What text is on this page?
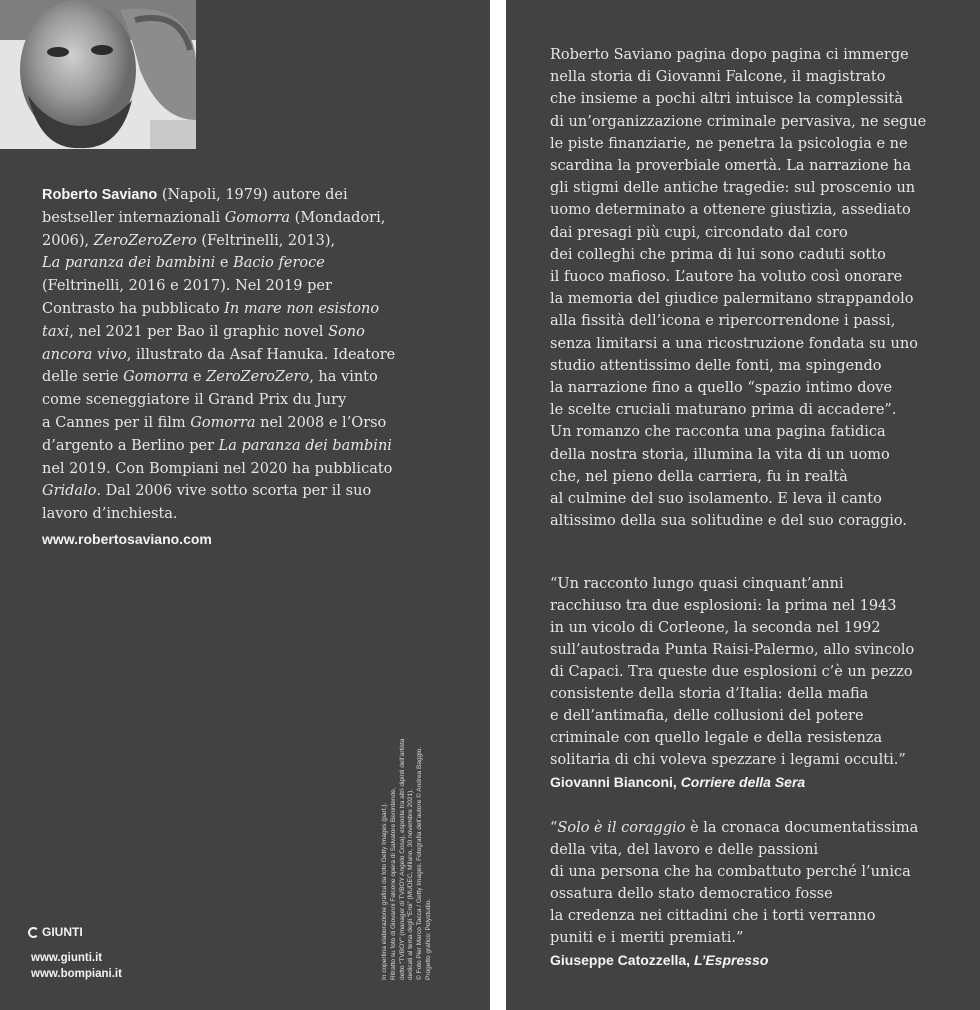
Roberto Saviano (Napoli, 1979) autore dei
bestseller internazionali Gomorra (Mondadori,
2006), ZeroZeroZero (Feltrinelli, 2013),
La paranza dei bambini e Bacio feroce
(Feltrinelli, 2016 e 2017). Nel 2019 per
Contrasto ha pubblicato In mare non esistono
taxi, nel 2021 per Bao il graphic novel Sono
ancora vivo, illustrato da Asaf Hanuka. Ideatore
delle serie Gomorra e ZeroZeroZero, ha vinto
come sceneggiatore il Grand Prix du Jury
a Cannes per il film Gomorra nel 2008 e l’Orso
d’argento a Berlino per La paranza dei bambini
nel 2019. Con Bompiani nel 2020 ha pubblicato
Gridalo. Dal 2006 vive sotto scorta per il suo
lavoro d’inchiesta.
www.robertosaviano.com
In copertina elaborazione grafica da foto Getty Images (part.). Ritratto su foto di Giovanni Falcone opera di Salvatore Benintende, detto “TVBOY” (manager di TVBOY Angelo Cosa), esposta tra altri dipinti dell’artista dedicati al tema degli “Eroi” (MUDEC, Milano, 30 novembre 2021). © Foto Pier Marco Tacca / Getty Images. Fotografia dell’autore © Andrea Baggio. Progetto grafico: Polystudio.
GIUNTI
www.giunti.it
www.bompiani.it
Roberto Saviano pagina dopo pagina ci immerge
nella storia di Giovanni Falcone, il magistrato
che insieme a pochi altri intuisce la complessità
di un’organizzazione criminale pervasiva, ne segue
le piste finanziarie, ne penetra la psicologia e ne
scardina la proverbiale omertà. La narrazione ha
gli stigmi delle antiche tragedie: sul proscenio un
uomo determinato a ottenere giustizia, assediato
dai presagi più cupi, circondato dal coro
dei colleghi che prima di lui sono caduti sotto
il fuoco mafioso. L’autore ha voluto così onorare
la memoria del giudice palermitano strappandolo
alla fissità dell’icona e ripercorrendone i passi,
senza limitarsi a una ricostruzione fondata su uno
studio attentissimo delle fonti, ma spingendo
la narrazione fino a quello “spazio intimo dove
le scelte cruciali maturano prima di accadere”.
Un romanzo che racconta una pagina fatidica
della nostra storia, illumina la vita di un uomo
che, nel pieno della carriera, fu in realtà
al culmine del suo isolamento. E leva il canto
altissimo della sua solitudine e del suo coraggio.
“Un racconto lungo quasi cinquant’anni
racchiuso tra due esplosioni: la prima nel 1943
in un vicolo di Corleone, la seconda nel 1992
sull’autostrada Punta Raisi-Palermo, allo svincolo
di Capaci. Tra queste due esplosioni c’è un pezzo
consistente della storia d’Italia: della mafia
e dell’antimafia, delle collusioni del potere
criminale con quello legale e della resistenza
solitaria di chi voleva spezzare i legami occulti.”
Giovanni Bianconi, Corriere della Sera
“Solo è il coraggio è la cronaca documentatissima
della vita, del lavoro e delle passioni
di una persona che ha combattuto perché l’unica
ossatura dello stato democratico fosse
la credenza nei cittadini che i torti verranno
puniti e i meriti premiati.”
Giuseppe Catozzella, L’Espresso
